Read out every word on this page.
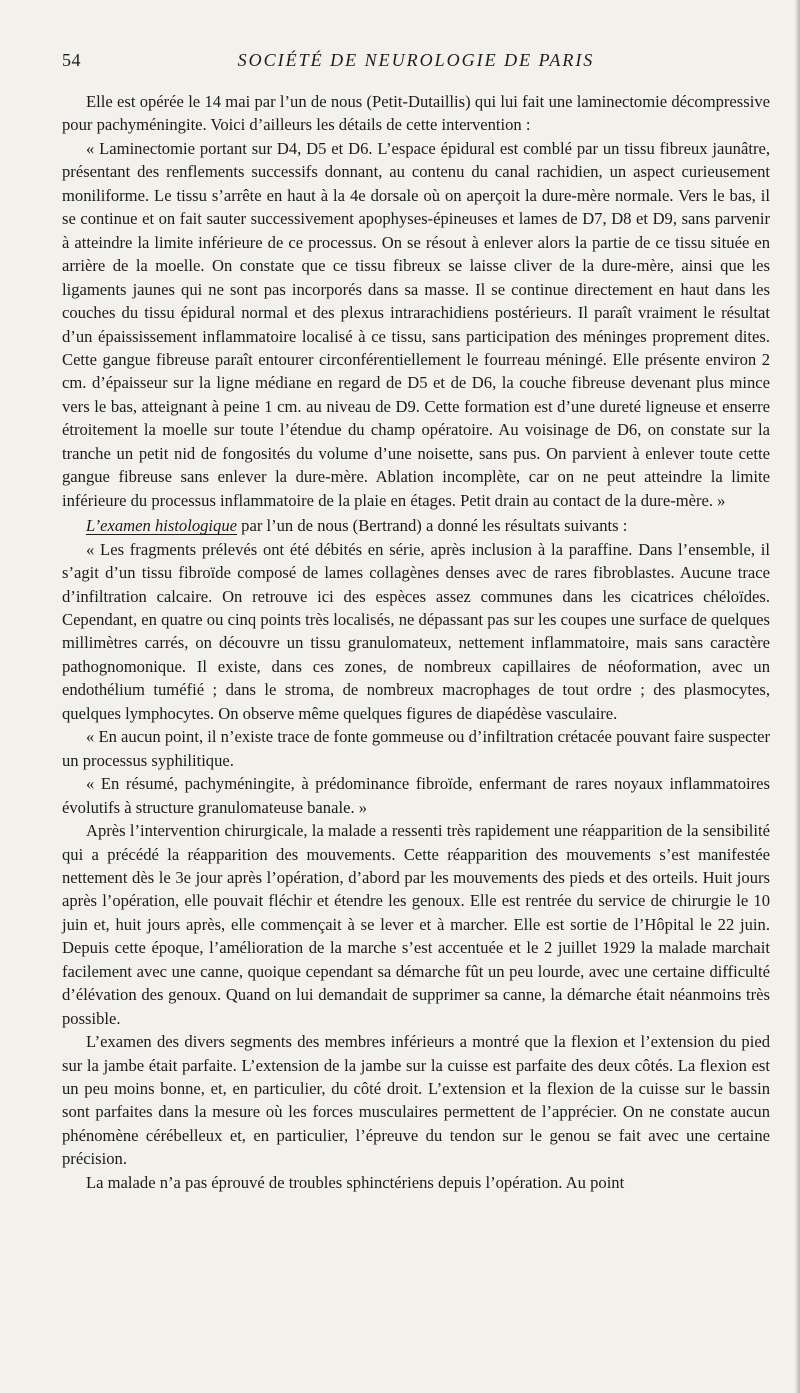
54	SOCIÉTÉ DE NEUROLOGIE DE PARIS

Elle est opérée le 14 mai par l’un de nous (Petit-Dutaillis) qui lui fait une laminectomie décompressive pour pachyméningite. Voici d’ailleurs les détails de cette intervention :

« Laminectomie portant sur D4, D5 et D6. L’espace épidural est comblé par un tissu fibreux jaunâtre, présentant des renflements successifs donnant, au contenu du canal rachidien, un aspect curieusement moniliforme. Le tissu s’arrête en haut à la 4e dorsale où on aperçoit la dure-mère normale. Vers le bas, il se continue et on fait sauter successivement apophyses-épineuses et lames de D7, D8 et D9, sans parvenir à atteindre la limite inférieure de ce processus. On se résout à enlever alors la partie de ce tissu située en arrière de la moelle. On constate que ce tissu fibreux se laisse cliver de la dure-mère, ainsi que les ligaments jaunes qui ne sont pas incorporés dans sa masse. Il se continue directement en haut dans les couches du tissu épidural normal et des plexus intrarachidiens postérieurs. Il paraît vraiment le résultat d’un épaississement inflammatoire localisé à ce tissu, sans participation des méninges proprement dites. Cette gangue fibreuse paraît entourer circonférentiellement le fourreau méningé. Elle présente environ 2 cm. d’épaisseur sur la ligne médiane en regard de D5 et de D6, la couche fibreuse devenant plus mince vers le bas, atteignant à peine 1 cm. au niveau de D9. Cette formation est d’une dureté ligneuse et enserre étroitement la moelle sur toute l’étendue du champ opératoire. Au voisinage de D6, on constate sur la tranche un petit nid de fongosités du volume d’une noisette, sans pus. On parvient à enlever toute cette gangue fibreuse sans enlever la dure-mère. Ablation incomplète, car on ne peut atteindre la limite inférieure du processus inflammatoire de la plaie en étages. Petit drain au contact de la dure-mère. »

L’examen histologique par l’un de nous (Bertrand) a donné les résultats suivants :

« Les fragments prélevés ont été débités en série, après inclusion à la paraffine. Dans l’ensemble, il s’agit d’un tissu fibroïde composé de lames collagènes denses avec de rares fibroblastes. Aucune trace d’infiltration calcaire. On retrouve ici des espèces assez communes dans les cicatrices chéloïdes. Cependant, en quatre ou cinq points très localisés, ne dépassant pas sur les coupes une surface de quelques millimètres carrés, on découvre un tissu granulomateux, nettement inflammatoire, mais sans caractère pathognomonique. Il existe, dans ces zones, de nombreux capillaires de néoformation, avec un endothélium tuméfié ; dans le stroma, de nombreux macrophages de tout ordre ; des plasmocytes, quelques lymphocytes. On observe même quelques figures de diapédèse vasculaire.

« En aucun point, il n’existe trace de fonte gommeuse ou d’infiltration crétacée pouvant faire suspecter un processus syphilitique.

« En résumé, pachyméningite, à prédominance fibroïde, enfermant de rares noyaux inflammatoires évolutifs à structure granulomateuse banale. »

Après l’intervention chirurgicale, la malade a ressenti très rapidement une réapparition de la sensibilité qui a précédé la réapparition des mouvements. Cette réapparition des mouvements s’est manifestée nettement dès le 3e jour après l’opération, d’abord par les mouvements des pieds et des orteils. Huit jours après l’opération, elle pouvait fléchir et étendre les genoux. Elle est rentrée du service de chirurgie le 10 juin et, huit jours après, elle commençait à se lever et à marcher. Elle est sortie de l’Hôpital le 22 juin. Depuis cette époque, l’amélioration de la marche s’est accentuée et le 2 juillet 1929 la malade marchait facilement avec une canne, quoique cependant sa démarche fût un peu lourde, avec une certaine difficulté d’élévation des genoux. Quand on lui demandait de supprimer sa canne, la démarche était néanmoins très possible.

L’examen des divers segments des membres inférieurs a montré que la flexion et l’extension du pied sur la jambe était parfaite. L’extension de la jambe sur la cuisse est parfaite des deux côtés. La flexion est un peu moins bonne, et, en particulier, du côté droit. L’extension et la flexion de la cuisse sur le bassin sont parfaites dans la mesure où les forces musculaires permettent de l’apprécier. On ne constate aucun phénomène cérébelleux et, en particulier, l’épreuve du tendon sur le genou se fait avec une certaine précision.

La malade n’a pas éprouvé de troubles sphinctériens depuis l’opération. Au point
